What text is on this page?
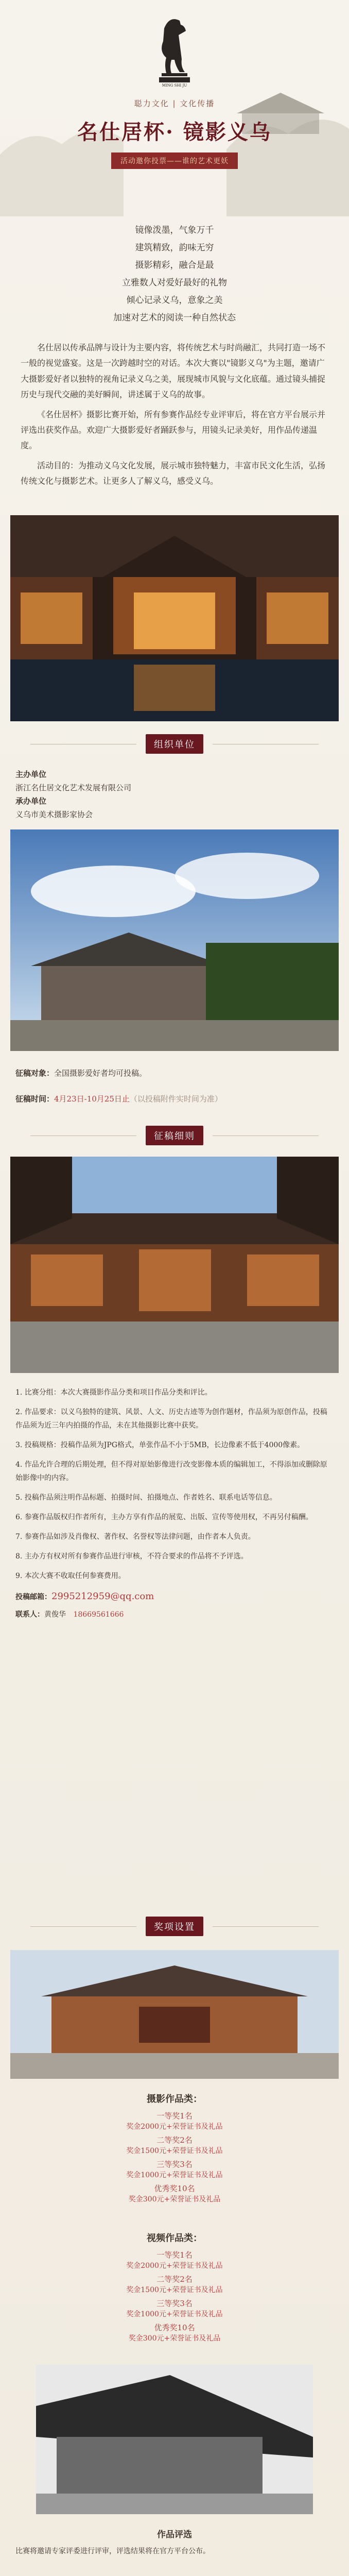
MING SHI JU
聪力文化 | 文化传播
名仕居杯· 镜影义乌
活动邀你投票——谁的艺术更妖
镜像泼墨，气象万千
建筑精致，韵味无穷
摄影精彩，融合是最
立雅数人对爱好最好的礼物
倾心记录义乌，意象之美
加速对艺术的阅读一种自然状态

名仕居以传承品牌与设计为主要内容，将传统艺术与时尚融汇，共同打造一场不一般的视觉盛宴。这是一次跨越时空的对话。本次大赛以"镜影义乌"为主题，邀请广大摄影爱好者以独特的视角记录义乌之美，展现城市风貌与文化底蕴。通过镜头捕捉历史与现代交融的美好瞬间，讲述属于义乌的故事。

《名仕居杯》摄影比赛开始，所有参赛作品经专业评审后，将在官方平台展示并评选出获奖作品。欢迎广大摄影爱好者踊跃参与，用镜头记录美好，用作品传递温度。

活动目的：为推动义乌文化发展，展示城市独特魅力，丰富市民文化生活，弘扬传统文化与摄影艺术。让更多人了解义乌，感受义乌。

组织单位
主办单位
浙江名仕居文化艺术发展有限公司
承办单位
义乌市美术摄影家协会
征稿对象：全国摄影爱好者均可投稿。
征稿时间：4月23日-10月25日止（以投稿附件实时间为准）
征稿细则
1. 比赛分组：本次大赛摄影作品分类和项目作品分类和评比。
2. 作品要求：以义乌独特的建筑、风景、人文、历史古迹等为创作题材，作品须为原创作品，投稿作品须为近三年内拍摄的作品，未在其他摄影比赛中获奖。
3. 投稿规格：投稿作品须为JPG格式，单张作品不小于5MB，长边像素不低于4000像素。
4. 作品允许合理的后期处理，但不得对原始影像进行改变影像本质的编辑加工，不得添加或删除原始影像中的内容。
5. 投稿作品须注明作品标题、拍摄时间、拍摄地点、作者姓名、联系电话等信息。
6. 参赛作品版权归作者所有，主办方享有作品的展览、出版、宣传等使用权，不再另付稿酬。
7. 参赛作品如涉及肖像权、著作权、名誉权等法律问题，由作者本人负责。
8. 主办方有权对所有参赛作品进行审核，不符合要求的作品将不予评选。
9. 本次大赛不收取任何参赛费用。
投稿邮箱：2995212959@qq.com
联系人：黄俊华 18669561666
奖项设置
摄影作品类：
一等奖1名
奖金2000元+荣誉证书及礼品
二等奖2名
奖金1500元+荣誉证书及礼品
三等奖3名
奖金1000元+荣誉证书及礼品
优秀奖10名
奖金300元+荣誉证书及礼品
视频作品类：
一等奖1名
奖金2000元+荣誉证书及礼品
二等奖2名
奖金1500元+荣誉证书及礼品
三等奖3名
奖金1000元+荣誉证书及礼品
优秀奖10名
奖金300元+荣誉证书及礼品
作品评选
比赛将邀请专家评委进行评审，评选结果将在官方平台公布。
